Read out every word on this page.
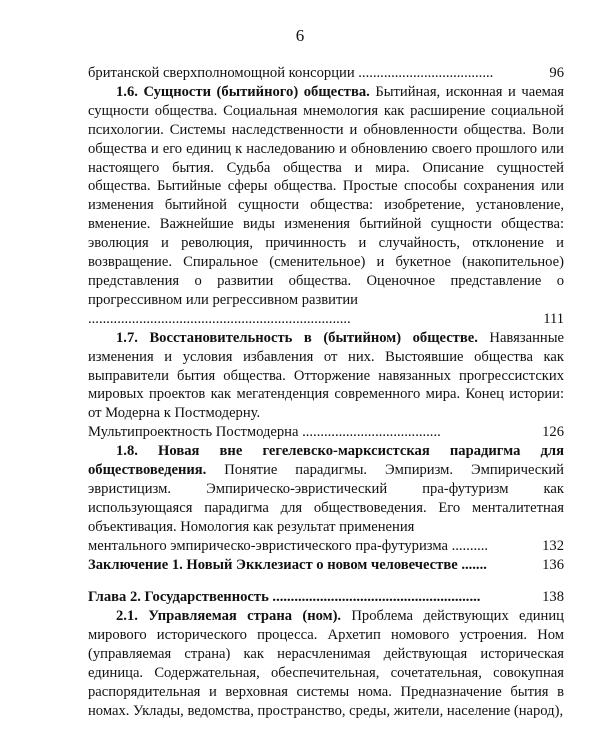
6
британской сверхполномощной консорции .....................................	96
1.6. Сущности (бытийного) общества. Бытийная, исконная и чаемая сущности общества. Социальная мнемология как расширение социальной психологии. Системы наследственности и обновленности общества. Воли общества и его единиц к наследованию и обновлению своего прошлого или настоящего бытия. Судьба общества и мира. Описание сущностей общества. Бытийные сферы общества. Простые способы сохранения или изменения бытийной сущности общества: изобретение, установление, вменение. Важнейшие виды изменения бытийной сущности общества: эволюция и революция, причинность и случайность, отклонение и возвращение. Спиральное (сменительное) и букетное (накопительное) представления о развитии общества. Оценочное представление о прогрессивном или регрессивном развитии
........................................................................	111
1.7. Восстановительность в (бытийном) обществе. Навязанные изменения и условия избавления от них. Выстоявшие общества как выправители бытия общества. Отторжение навязанных прогрессистских мировых проектов как мегатенденция современного мира. Конец истории: от Модерна к Постмодерну.
Мультипроектность Постмодерна ......................................	126
1.8. Новая вне гегелевско-марксистская парадигма для обществоведения. Понятие парадигмы. Эмпиризм. Эмпирический эвристицизм. Эмпирическо-эвристический пра-футуризм как использующаяся парадигма для обществоведения. Его менталитетная объективация. Номология как результат применения
ментального эмпирическо-эвристического пра-футуризма ..........	132
Заключение 1. Новый Экклезиаст о новом человечестве .......	136
Глава 2. Государственность .........................................................	138
2.1. Управляемая страна (ном). Проблема действующих единиц мирового исторического процесса. Архетип номового устроения. Ном (управляемая страна) как нерасчленимая действующая историческая единица. Содержательная, обеспечительная, сочетательная, совокупная распорядительная и верховная системы нома. Предназначение бытия в номах. Уклады, ведомства, пространство, среды, жители, население (народ),
